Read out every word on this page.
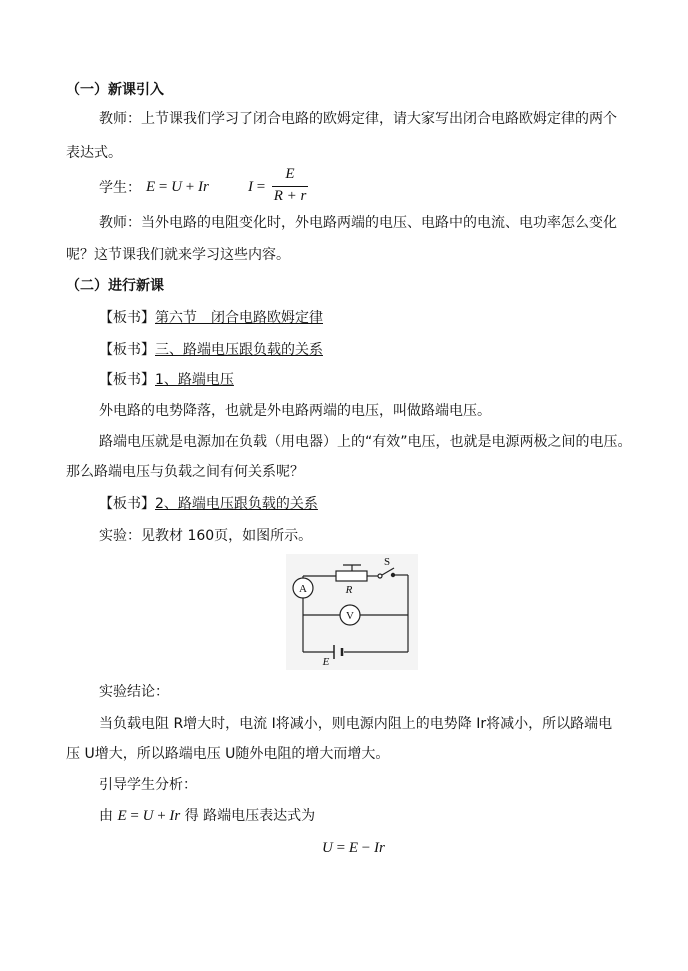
（一）新课引入
教师：上节课我们学习了闭合电路的欧姆定律，请大家写出闭合电路欧姆定律的两个
表达式。
学生： E = U + Ir	I =
E
R + r
教师：当外电路的电阻变化时，外电路两端的电压、电路中的电流、电功率怎么变化
呢？这节课我们就来学习这些内容。
（二）进行新课
【板书】第六节　闭合电路欧姆定律
【板书】三、路端电压跟负载的关系
【板书】1、路端电压
外电路的电势降落，也就是外电路两端的电压，叫做路端电压。
路端电压就是电源加在负载（用电器）上的“有效”电压，也就是电源两极之间的电压。
那么路端电压与负载之间有何关系呢？
【板书】2、路端电压跟负载的关系
实验：见教材 160页，如图所示。
A
V
R
S
E
实验结论：
当负载电阻 R增大时，电流 I将减小，则电源内阻上的电势降 Ir将减小，所以路端电
压 U增大，所以路端电压 U随外电阻的增大而增大。
引导学生分析：
由 E = U + Ir 得 路端电压表达式为
U = E − Ir
